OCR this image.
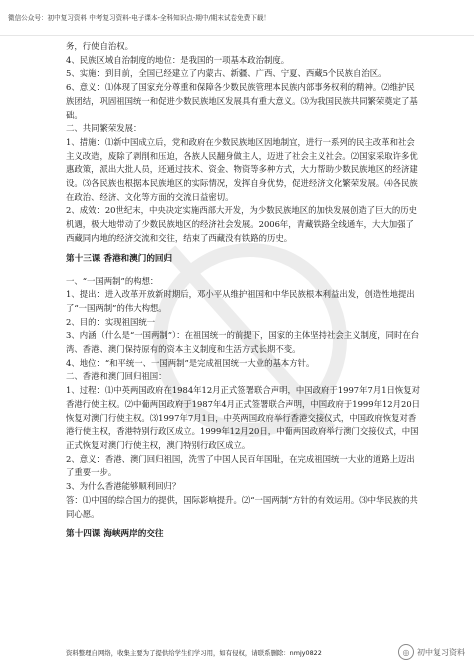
微信公众号：初中复习资料 中考复习资料-电子课本-全科知识点-期中/期末试卷免费下载！

务，行使自治权。

4、民族区域自治制度的地位：是我国的一项基本政治制度。

5、实施：到目前，全国已经建立了内蒙古、新疆、广西、宁夏、西藏5个民族自治区。

6、意义：⑴体现了国家充分尊重和保障各少数民族管理本民族内部事务权利的精神。⑵维护民族团结，巩固祖国统一和促进少数民族地区发展具有重大意义。⑶为我国民族共同繁荣奠定了基础。

二、共同繁荣发展：

1、措施：⑴新中国成立后，党和政府在少数民族地区因地制宜，进行一系列的民主改革和社会主义改造，废除了剥削和压迫，各族人民翻身做主人，迈进了社会主义社会。⑵国家采取许多优惠政策，派出大批人员，还通过技术、资金、物资等多种方式，大力帮助少数民族地区的经济建设。⑶各民族也根据本民族地区的实际情况，发挥自身优势，促进经济文化繁荣发展。⑷各民族在政治、经济、文化等方面的交流日益密切。

2、成效：20世纪末，中央决定实施西部大开发，为少数民族地区的加快发展创造了巨大的历史机遇，极大地带动了少数民族地区的经济社会发展。2006年，青藏铁路全线通车，大大加强了西藏同内地的经济交流和交往，结束了西藏没有铁路的历史。

第十三课 香港和澳门的回归

一、“一国两制”的构想：

1、提出：进入改革开放新时期后，邓小平从维护祖国和中华民族根本利益出发，创造性地提出了“一国两制”的伟大构想。

2、目的：实现祖国统一

3、内涵（什么是“一国两制”）：在祖国统一的前提下，国家的主体坚持社会主义制度，同时在台湾、香港、澳门保持原有的资本主义制度和生活方式长期不变。

4、地位：“和平统一、一国两制”是完成祖国统一大业的基本方针。

二、香港和澳门回归祖国：

1、过程：⑴中英两国政府在1984年12月正式签署联合声明，中国政府于1997年7月1日恢复对香港行使主权。⑵中葡两国政府于1987年4月正式签署联合声明，中国政府于1999年12月20日恢复对澳门行使主权。⑶1997年7月1日，中英两国政府举行香港交接仪式，中国政府恢复对香港行使主权，香港特别行政区成立。1999年12月20日，中葡两国政府举行澳门交接仪式，中国正式恢复对澳门行使主权，澳门特别行政区成立。

2、意义：香港、澳门回归祖国，洗雪了中国人民百年国耻，在完成祖国统一大业的道路上迈出了重要一步。

3、为什么香港能够顺利回归？

答：⑴中国的综合国力的提供，国际影响提升。⑵“一国两制”方针的有效运用。⑶中华民族的共同心愿。

第十四课 海峡两岸的交往
资料整理自网络，收集主要为了提供给学生们学习用，如有侵权，请联系删除：nmjy0822	◎ 初中复习资料
